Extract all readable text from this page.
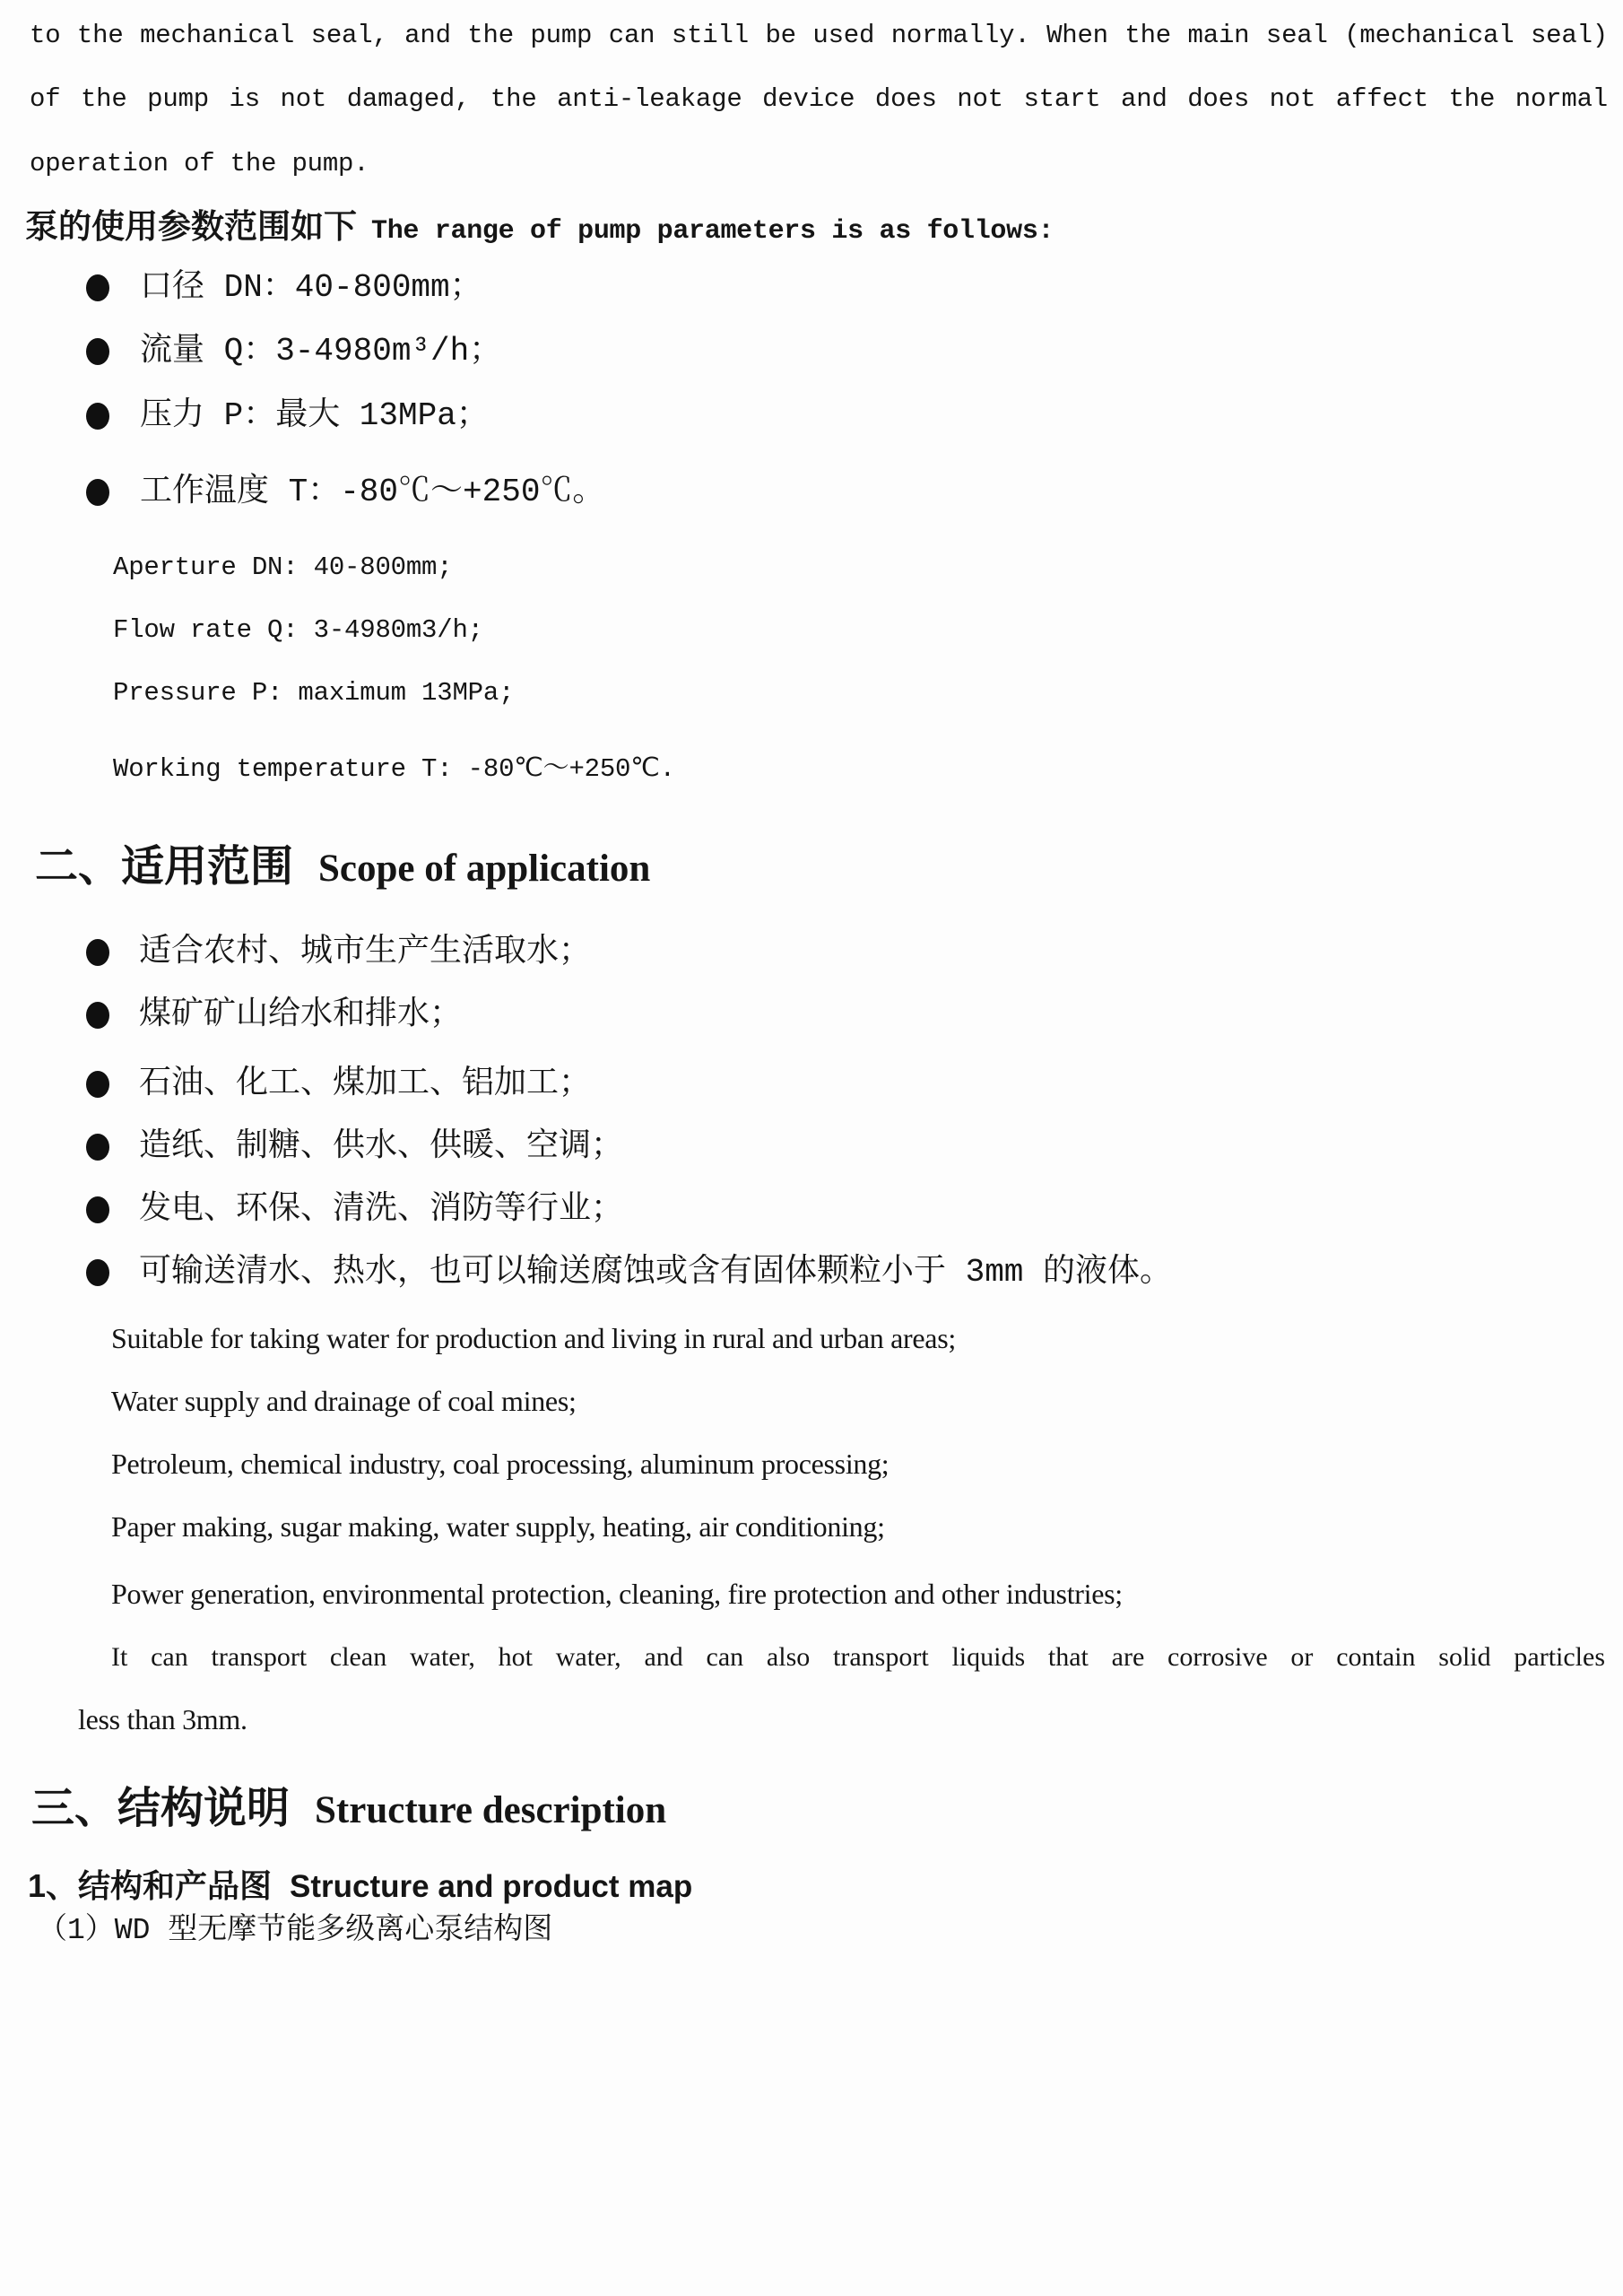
to the mechanical seal, and the pump can still be used normally. When the main seal (mechanical seal)
of the pump is not damaged, the anti-leakage device does not start and does not affect the normal
operation of the pump.
泵的使用参数范围如下 The range of pump parameters is as follows:
口径 DN：40-800mm；
流量 Q：3-4980m³/h；
压力 P：最大 13MPa；
工作温度 T：-80℃～+250℃。
Aperture DN: 40-800mm;
Flow rate Q: 3-4980m3/h;
Pressure P: maximum 13MPa;
Working temperature T: -80℃～+250℃.
二、适用范围 Scope of application
适合农村、城市生产生活取水；
煤矿矿山给水和排水；
石油、化工、煤加工、铝加工；
造纸、制糖、供水、供暖、空调；
发电、环保、清洗、消防等行业；
可输送清水、热水，也可以输送腐蚀或含有固体颗粒小于 3mm 的液体。
Suitable for taking water for production and living in rural and urban areas;
Water supply and drainage of coal mines;
Petroleum, chemical industry, coal processing, aluminum processing;
Paper making, sugar making, water supply, heating, air conditioning;
Power generation, environmental protection, cleaning, fire protection and other industries;
It can transport clean water, hot water, and can also transport liquids that are corrosive or contain solid particles
less than 3mm.
三、结构说明 Structure description
1、结构和产品图 Structure and product map
（1）WD 型无摩节能多级离心泵结构图
